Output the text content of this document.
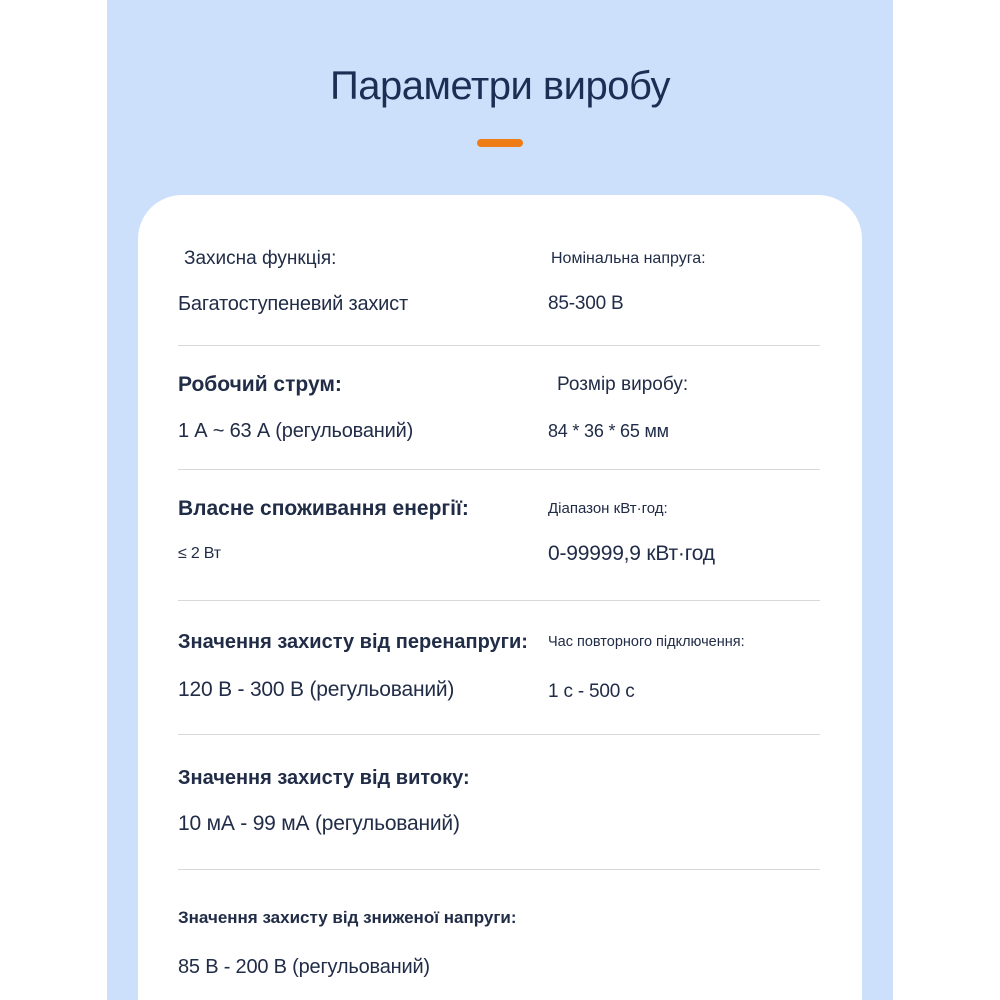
Параметри виробу
Захисна функція:
Багатоступеневий захист
Номінальна напруга:
85-300 В
Робочий струм:
1 А ~ 63 А (регульований)
Розмір виробу:
84 * 36 * 65 мм
Власне споживання енергії:
≤ 2 Вт
Діапазон кВт·год:
0-99999,9 кВт·год
Значення захисту від перенапруги:
120 В - 300 В (регульований)
Час повторного підключення:
1 с - 500 с
Значення захисту від витоку:
10 мА - 99 мА (регульований)
Значення захисту від зниженої напруги:
85 В - 200 В (регульований)
